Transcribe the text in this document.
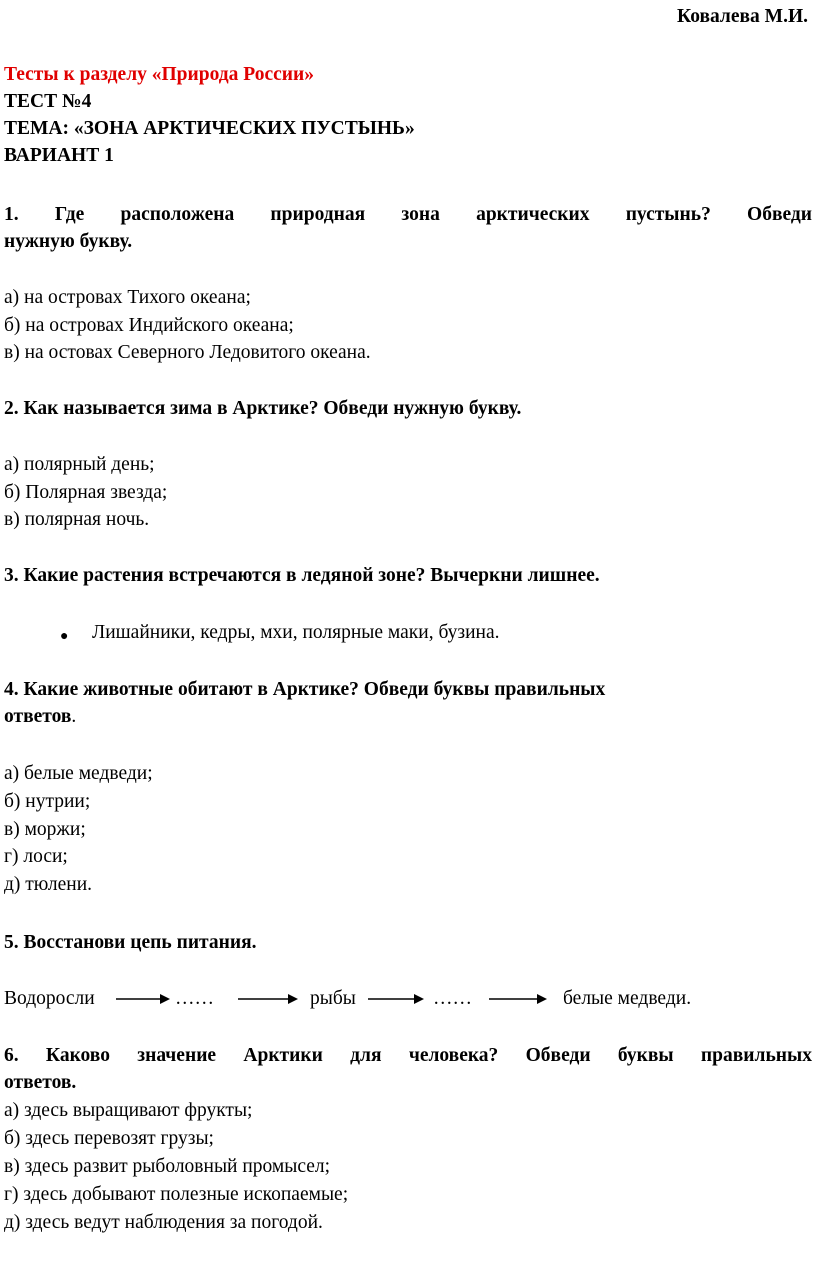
Ковалева М.И.
Тесты к разделу «Природа России»
ТЕСТ №4
ТЕМА: «ЗОНА АРКТИЧЕСКИХ ПУСТЫНЬ»
ВАРИАНТ 1
1. Где расположена природная зона арктических пустынь? Обведи
нужную букву.
а) на островах Тихого океана;
б) на островах Индийского океана;
в) на остовах Северного Ледовитого океана.
2. Как называется зима в Арктике? Обведи нужную букву.
а) полярный день;
б) Полярная звезда;
в) полярная ночь.
3. Какие растения встречаются в ледяной зоне? Вычеркни лишнее.
● Лишайники, кедры, мхи, полярные маки, бузина.
4. Какие животные обитают в Арктике? Обведи буквы правильных
ответов.
а) белые медведи;
б) нутрии;
в) моржи;
г) лоси;
д) тюлени.
5. Восстанови цепь питания.
Водоросли	……	рыбы	……	белые медведи.
6. Каково значение Арктики для человека? Обведи буквы правильных
ответов.
а) здесь выращивают фрукты;
б) здесь перевозят грузы;
в) здесь развит рыболовный промысел;
г) здесь добывают полезные ископаемые;
д) здесь ведут наблюдения за погодой.
